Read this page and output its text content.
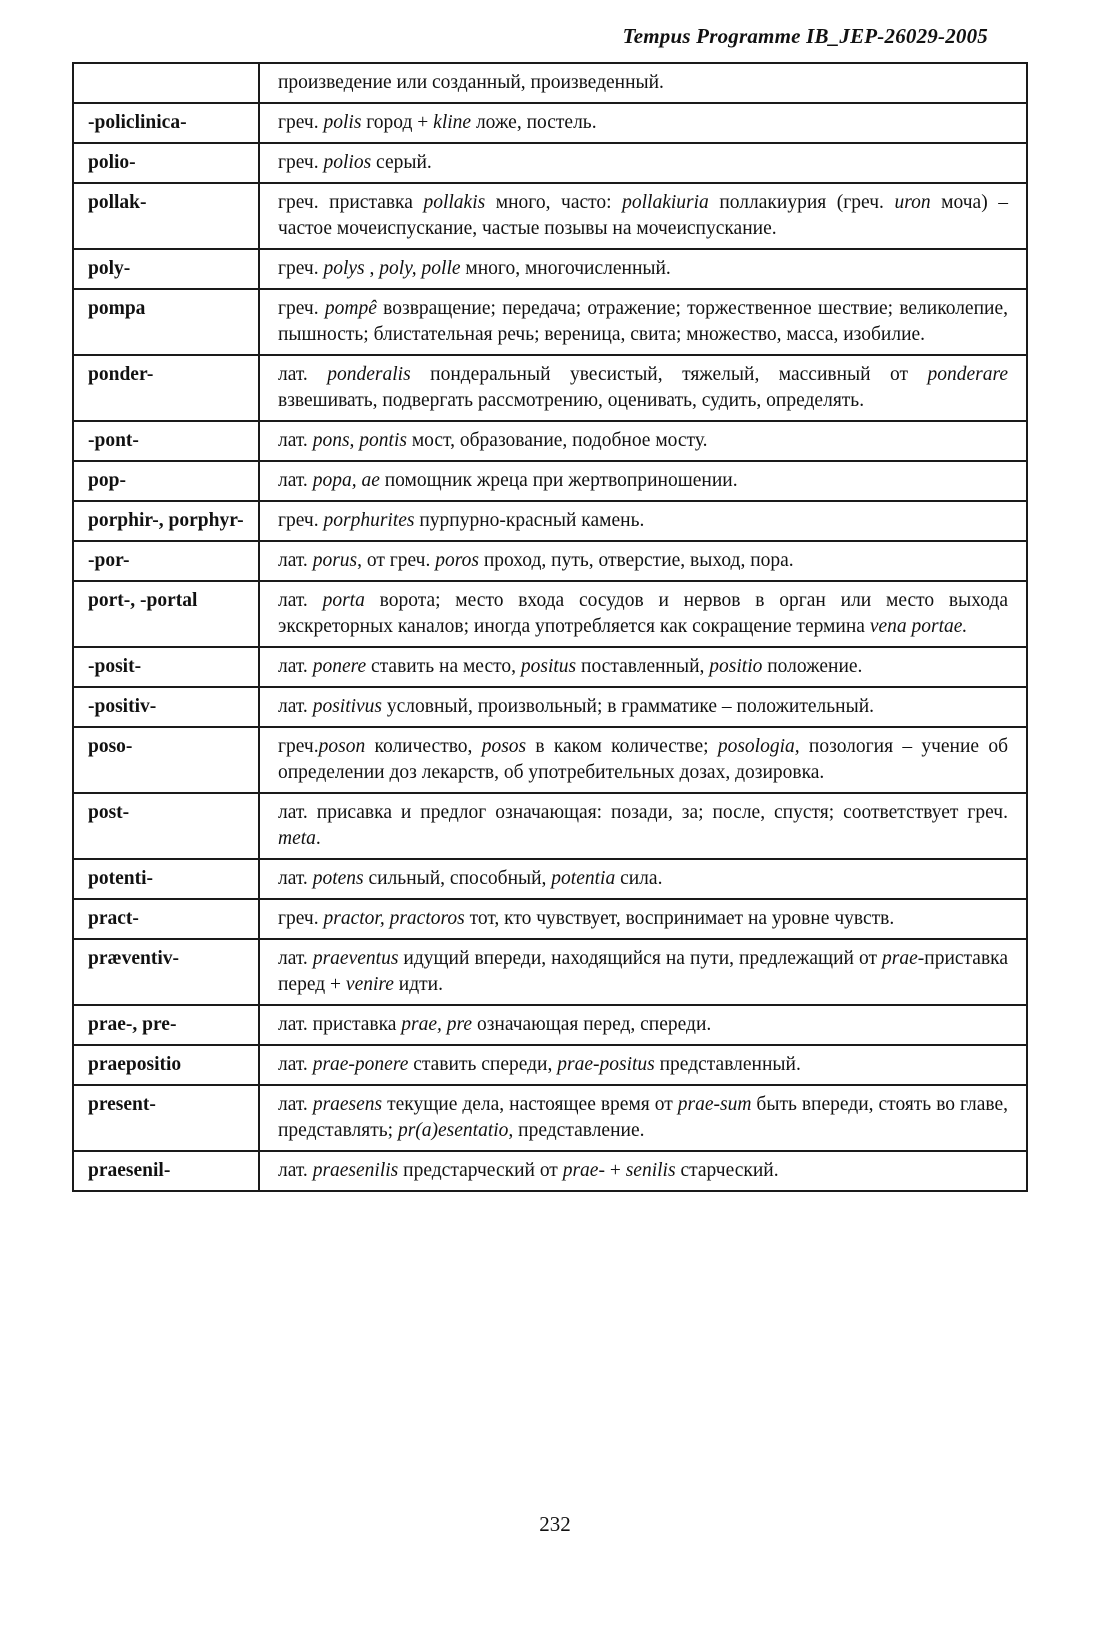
Tempus Programme IB_JEP-26029-2005
	произведение или созданный, произведенный.
-policlinica-	греч. polis город + kline ложе, постель.
polio-	греч. polios серый.
pollak-	греч. приставка pollakis много, часто: pollakiuria поллакиурия (греч. uron моча) – частое мочеиспускание, частые позывы на мочеиспускание.
poly-	греч. polys , poly, polle много, многочисленный.
pompa	греч. pompê возвращение; передача; отражение; торжественное шествие; великолепие, пышность; блистательная речь; вереница, свита; множество, масса, изобилие.
ponder-	лат. ponderalis пондеральный увесистый, тяжелый, массивный от ponderare взвешивать, подвергать рассмотрению, оценивать, судить, определять.
-pont-	лат. pons, pontis мост, образование, подобное мосту.
pop-	лат. popa, ae помощник жреца при жертвоприношении.
porphir-, porphyr-	греч. porphurites пурпурно-красный камень.
-por-	лат. porus, от греч. poros проход, путь, отверстие, выход, пора.
port-, -portal	лат. porta ворота; место входа сосудов и нервов в орган или место выхода экскреторных каналов; иногда употребляется как сокращение термина vena portae.
-posit-	лат. ponere ставить на место, positus поставленный, positio положение.
-positiv-	лат. positivus условный, произвольный; в грамматике – положительный.
poso-	греч.poson количество, posos в каком количестве; posologia, позология – учение об определении доз лекарств, об употребительных дозах, дозировка.
post-	лат. присавка и предлог означающая: позади, за; после, спустя; соответствует греч. meta.
potenti-	лат. potens сильный, способный, potentia сила.
pract-	греч. practor, practoros тот, кто чувствует, воспринимает на уровне чувств.
præventiv-	лат. praeventus идущий впереди, находящийся на пути, предлежащий от prae-приставка перед + venire идти.
prae-, pre-	лат. приставка prae, pre означающая перед, спереди.
praepositio	лат. prae-ponere ставить спереди, prae-positus представленный.
present-	лат. praesens текущие дела, настоящее время от prae-sum быть впереди, стоять во главе, представлять; pr(a)esentatio, представление.
praesenil-	лат. praesenilis предстарческий от prae- + senilis старческий.
232
